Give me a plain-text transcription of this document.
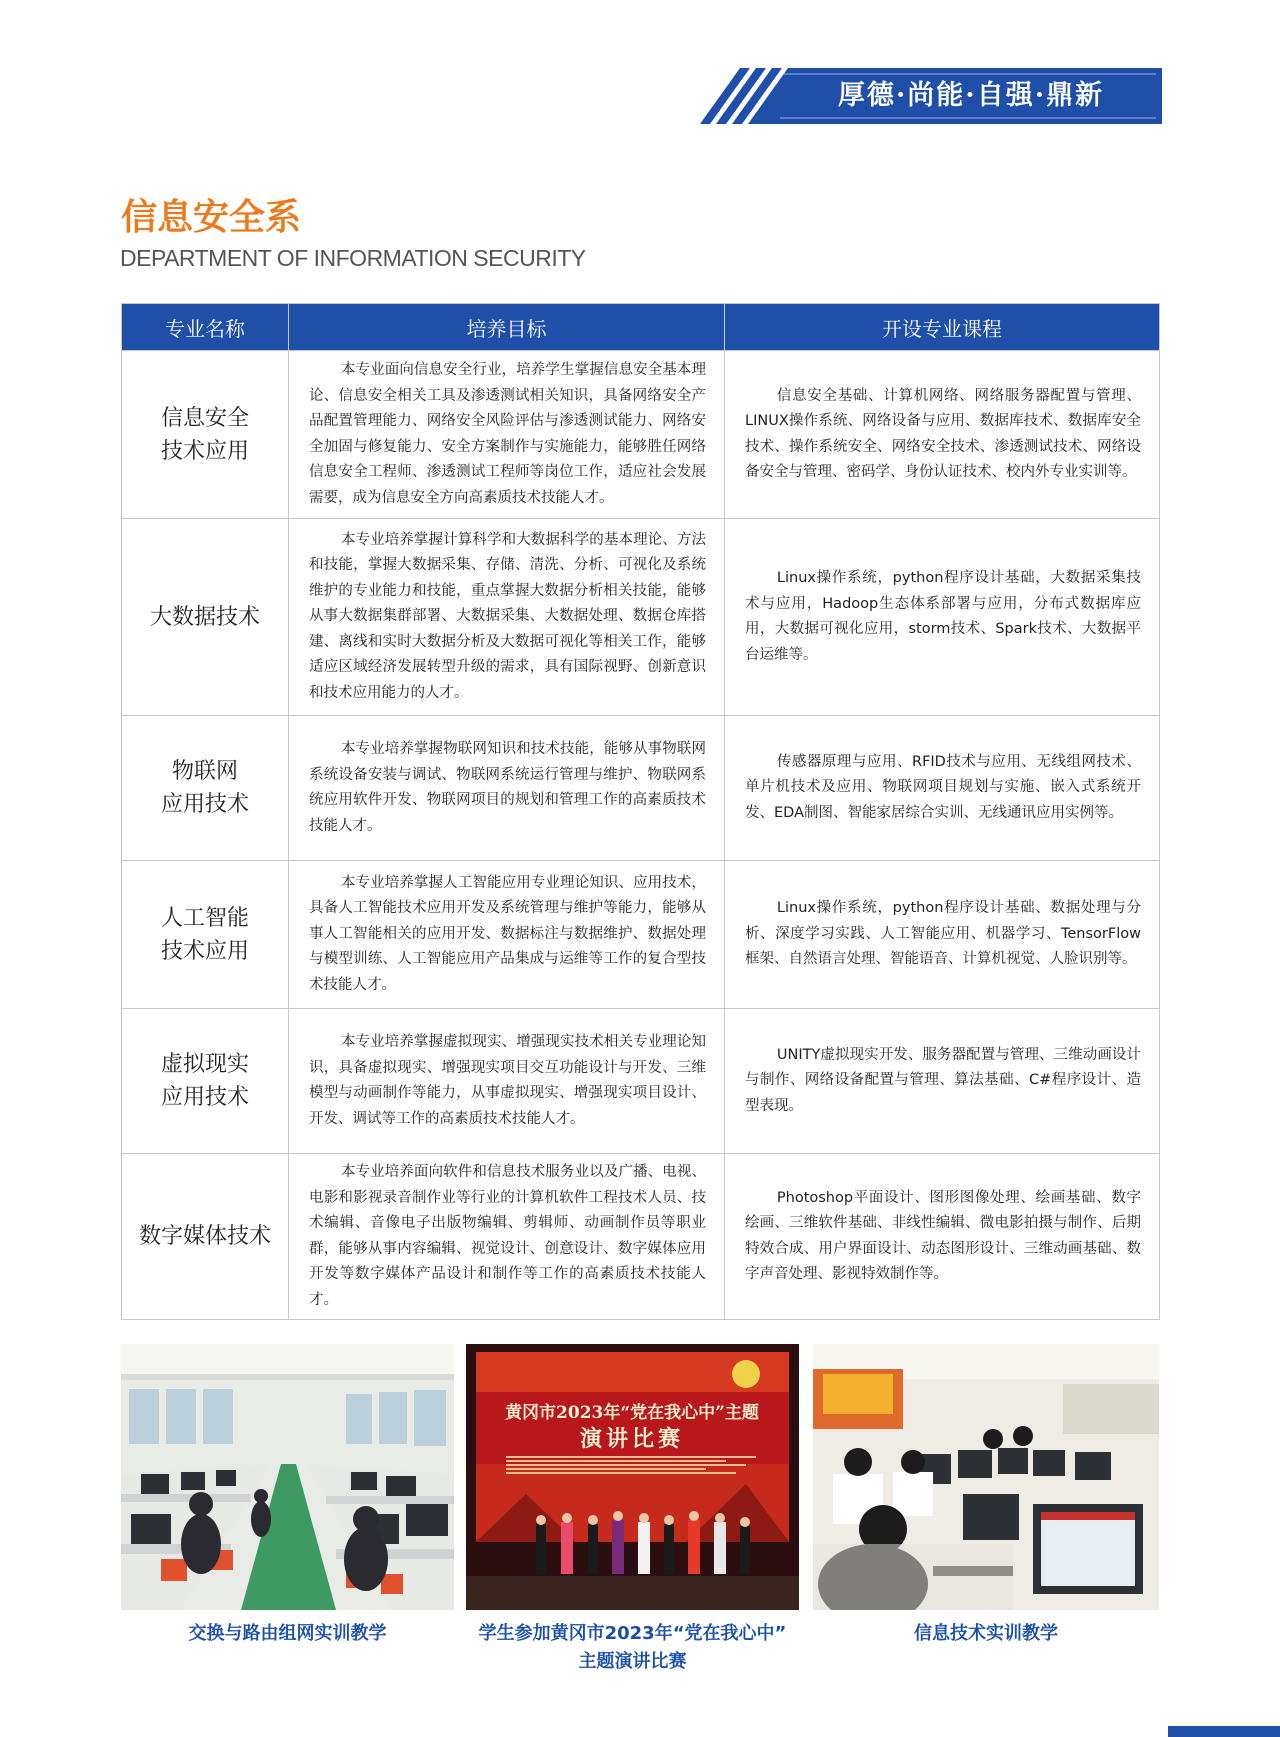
厚德·尚能·自强·鼎新
信息安全系

DEPARTMENT OF INFORMATION SECURITY

专业名称	培养目标	开设专业课程

信息安全
技术应用	本专业面向信息安全行业，培养学生掌握信息安全基本理论、信息安全相关工具及渗透测试相关知识，具备网络安全产品配置管理能力、网络安全风险评估与渗透测试能力、网络安全加固与修复能力、安全方案制作与实施能力，能够胜任网络信息安全工程师、渗透测试工程师等岗位工作，适应社会发展需要，成为信息安全方向高素质技术技能人才。	信息安全基础、计算机网络、网络服务器配置与管理、LINUX操作系统、网络设备与应用、数据库技术、数据库安全技术、操作系统安全、网络安全技术、渗透测试技术、网络设备安全与管理、密码学、身份认证技术、校内外专业实训等。

大数据技术	本专业培养掌握计算科学和大数据科学的基本理论、方法和技能，掌握大数据采集、存储、清洗、分析、可视化及系统维护的专业能力和技能，重点掌握大数据分析相关技能，能够从事大数据集群部署、大数据采集、大数据处理、数据仓库搭建、离线和实时大数据分析及大数据可视化等相关工作，能够适应区域经济发展转型升级的需求，具有国际视野、创新意识和技术应用能力的人才。	Linux操作系统，python程序设计基础，大数据采集技术与应用，Hadoop生态体系部署与应用，分布式数据库应用，大数据可视化应用，storm技术、Spark技术、大数据平台运维等。

物联网
应用技术	本专业培养掌握物联网知识和技术技能，能够从事物联网系统设备安装与调试、物联网系统运行管理与维护、物联网系统应用软件开发、物联网项目的规划和管理工作的高素质技术技能人才。	传感器原理与应用、RFID技术与应用、无线组网技术、单片机技术及应用、物联网项目规划与实施、嵌入式系统开发、EDA制图、智能家居综合实训、无线通讯应用实例等。

人工智能
技术应用	本专业培养掌握人工智能应用专业理论知识、应用技术，具备人工智能技术应用开发及系统管理与维护等能力，能够从事人工智能相关的应用开发、数据标注与数据维护、数据处理与模型训练、人工智能应用产品集成与运维等工作的复合型技术技能人才。	Linux操作系统，python程序设计基础、数据处理与分析、深度学习实践、人工智能应用、机器学习、TensorFlow框架、自然语言处理、智能语音、计算机视觉、人脸识别等。

虚拟现实
应用技术	本专业培养掌握虚拟现实、增强现实技术相关专业理论知识，具备虚拟现实、增强现实项目交互功能设计与开发、三维模型与动画制作等能力，从事虚拟现实、增强现实项目设计、开发、调试等工作的高素质技术技能人才。	UNITY虚拟现实开发、服务器配置与管理、三维动画设计与制作、网络设备配置与管理、算法基础、C#程序设计、造型表现。

数字媒体技术	本专业培养面向软件和信息技术服务业以及广播、电视、电影和影视录音制作业等行业的计算机软件工程技术人员、技术编辑、音像电子出版物编辑、剪辑师、动画制作员等职业群，能够从事内容编辑、视觉设计、创意设计、数字媒体应用开发等数字媒体产品设计和制作等工作的高素质技术技能人才。	Photoshop平面设计、图形图像处理、绘画基础、数字绘画、三维软件基础、非线性编辑、微电影拍摄与制作、后期特效合成、用户界面设计、动态图形设计、三维动画基础、数字声音处理、影视特效制作等。
黄冈市2023年“党在我心中”主题
演讲比赛
交换与路由组网实训教学	学生参加黄冈市2023年“党在我心中”
主题演讲比赛
信息技术实训教学
